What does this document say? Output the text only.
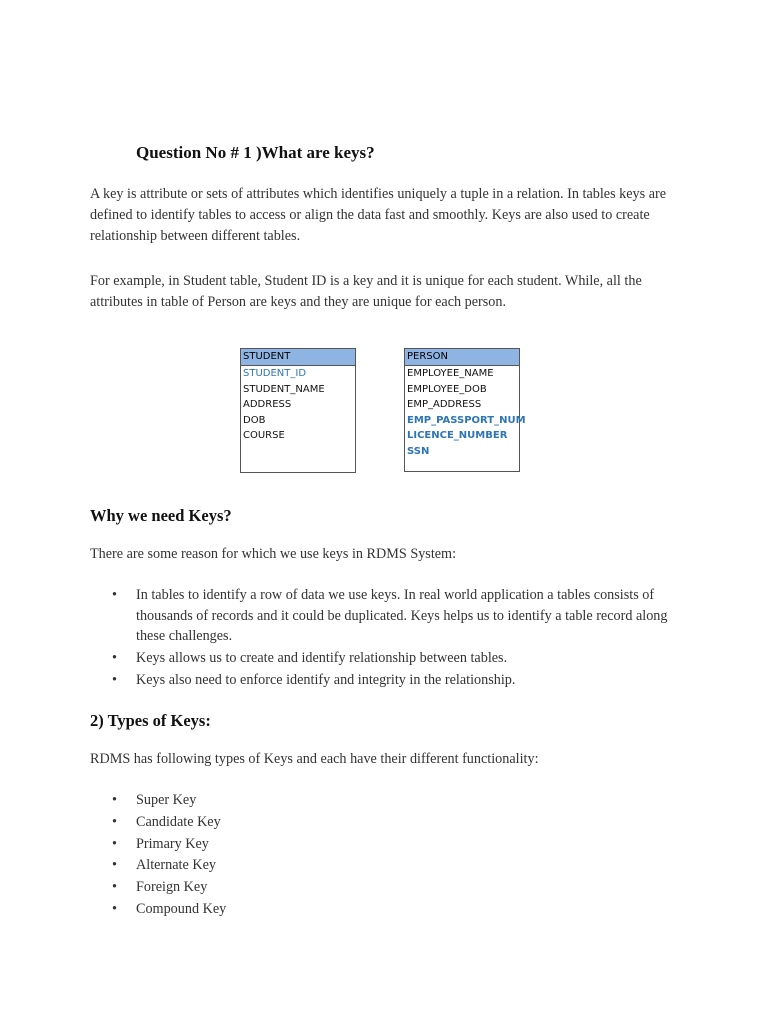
Question No # 1 )What are keys?

A key is attribute or sets of attributes which identifies uniquely a tuple in a relation. In tables keys are defined to identify tables to access or align the data fast and smoothly. Keys are also used to create relationship between different tables.

For example, in Student table, Student ID is a key and it is unique for each student. While, all the attributes in table of Person are keys and they are unique for each person.

STUDENT
STUDENT_ID
STUDENT_NAME
ADDRESS
DOB
COURSE
PERSON
EMPLOYEE_NAME
EMPLOYEE_DOB
EMP_ADDRESS
EMP_PASSPORT_NUM
LICENCE_NUMBER
SSN
Why we need Keys?
There are some reason for which we use keys in RDMS System:
• In tables to identify a row of data we use keys. In real world application a tables consists of thousands of records and it could be duplicated. Keys helps us to identify a table record along these challenges.
• Keys allows us to create and identify relationship between tables.
• Keys also need to enforce identify and integrity in the relationship.
2) Types of Keys:
RDMS has following types of Keys and each have their different functionality:
• Super Key
• Candidate Key
• Primary Key
• Alternate Key
• Foreign Key
• Compound Key
